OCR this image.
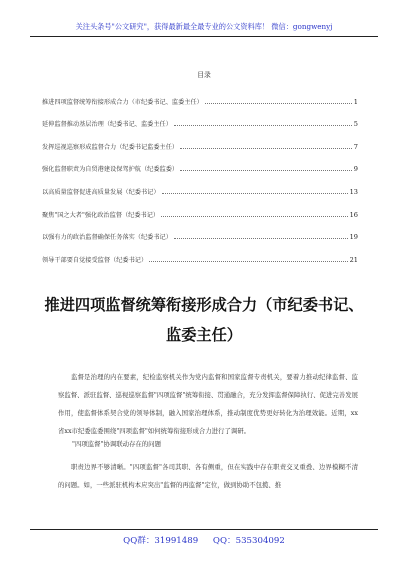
关注头条号"公文研究"，获得最新最全最专业的公文资料库！ 微信：gongwenyj
目录
推进四项监督统筹衔接形成合力（市纪委书记、监委主任）	1
延伸监督推动基层治理（纪委书记、监委主任）	5
发挥巡视巡察形成监督合力（纪委书记监委主任）	7
强化监督职责为自贸港建设保驾护航（纪委监委）	9
以高质量监督促进高质量发展（纪委书记）	13
聚焦"国之大者"强化政治监督（纪委书记）	16
以强有力的政治监督确保任务落实（纪委书记）	19
领导干部要自觉接受监督（纪委书记）	21
推进四项监督统筹衔接形成合力（市纪委书记、
监委主任）
监督是治理的内在要素，纪检监察机关作为党内监督和国家监督专责机关，要着力推动纪律监督、监察监督、派驻监督、巡视巡察监督"四项监督"统筹衔接、贯通融合，充分发挥监督保障执行、促进完善发展作用，使监督体系契合党的领导体制，融入国家治理体系，推动制度优势更好转化为治理效能。近期，xx省xx市纪委监委围绕"四项监督"如何统筹衔接形成合力进行了调研。
"四项监督"协调联动存在的问题
职责边界不够清晰。"四项监督"各司其职、各有侧重，但在实践中存在职责交叉重叠、边界模糊不清的问题。如，一些派驻机构本应突出"监督的再监督"定位，做到协助不包揽、推
QQ群：31991489 QQ：535304092
